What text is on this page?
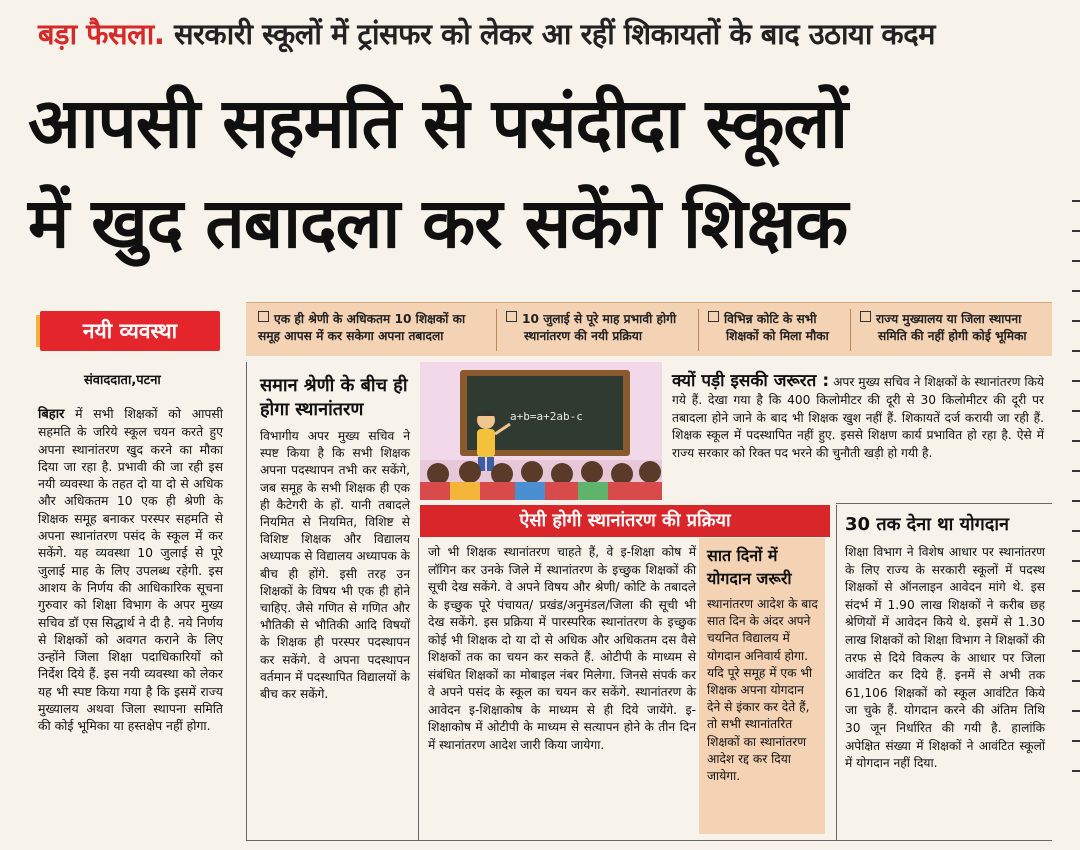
बड़ा फैसला. सरकारी स्कूलों में ट्रांसफर को लेकर आ रहीं शिकायतों के बाद उठाया कदम
आपसी सहमति से पसंदीदा स्कूलों
में खुद तबादला कर सकेंगे शिक्षक
नयी व्यवस्था
संवाददाता,पटना
बिहार में सभी शिक्षकों को आपसी सहमति के जरिये स्कूल चयन करते हुए अपना स्थानांतरण खुद करने का मौका दिया जा रहा है. प्रभावी की जा रही इस नयी व्यवस्था के तहत दो या दो से अधिक और अधिकतम 10 एक ही श्रेणी के शिक्षक समूह बनाकर परस्पर सहमति से अपना स्थानांतरण पसंद के स्कूल में कर सकेंगे. यह व्यवस्था 10 जुलाई से पूरे जुलाई माह के लिए उपलब्ध रहेगी. इस आशय के निर्णय की आधिकारिक सूचना गुरुवार को शिक्षा विभाग के अपर मुख्य सचिव डॉ एस सिद्धार्थ ने दी है. नये निर्णय से शिक्षकों को अवगत कराने के लिए उन्होंने जिला शिक्षा पदाधिकारियों को निर्देश दिये हैं. इस नयी व्यवस्था को लेकर यह भी स्पष्ट किया गया है कि इसमें राज्य मुख्यालय अथवा जिला स्थापना समिति की कोई भूमिका या हस्तक्षेप नहीं होगा.
एक ही श्रेणी के अधिकतम 10 शिक्षकों का
समूह आपस में कर सकेगा अपना तबादला
10 जुलाई से पूरे माह प्रभावी होगी
स्थानांतरण की नयी प्रक्रिया
विभिन्न कोटि के सभी
शिक्षकों को मिला मौका
राज्य मुख्यालय या जिला स्थापना
समिति की नहीं होगी कोई भूमिका
समान श्रेणी के बीच ही होगा स्थानांतरण
विभागीय अपर मुख्य सचिव ने स्पष्ट किया है कि सभी शिक्षक अपना पदस्थापन तभी कर सकेंगे, जब समूह के सभी शिक्षक ही एक ही कैटेगरी के हों. यानी तबादले नियमित से नियमित, विशिष्ट से विशिष्ट शिक्षक और विद्यालय अध्यापक से विद्यालय अध्यापक के बीच ही होंगे. इसी तरह उन शिक्षकों के विषय भी एक ही होने चाहिए. जैसे गणित से गणित और भौतिकी से भौतिकी आदि विषयों के शिक्षक ही परस्पर पदस्थापन कर सकेंगे. वे अपना पदस्थापन वर्तमान में पदस्थापित विद्यालयों के बीच कर सकेंगे.
a+b=a+2ab-c
क्यों पड़ी इसकी जरूरत : अपर मुख्य सचिव ने शिक्षकों के स्थानांतरण किये गये हैं. देखा गया है कि 400 किलोमीटर की दूरी से 30 किलोमीटर की दूरी पर तबादला होने जाने के बाद भी शिक्षक खुश नहीं हैं. शिकायतें दर्ज करायी जा रही हैं. शिक्षक स्कूल में पदस्थापित नहीं हुए. इससे शिक्षण कार्य प्रभावित हो रहा है. ऐसे में राज्य सरकार को रिक्त पद भरने की चुनौती खड़ी हो गयी है.
ऐसी होगी स्थानांतरण की प्रक्रिया
जो भी शिक्षक स्थानांतरण चाहते हैं, वे इ-शिक्षा कोष में लॉगिन कर उनके जिले में स्थानांतरण के इच्छुक शिक्षकों की सूची देख सकेंगे. वे अपने विषय और श्रेणी/ कोटि के तबादले के इच्छुक पूरे पंचायत/ प्रखंड/अनुमंडल/जिला की सूची भी देख सकेंगे. इस प्रक्रिया में पारस्परिक स्थानांतरण के इच्छुक कोई भी शिक्षक दो या दो से अधिक और अधिकतम दस वैसे शिक्षकों तक का चयन कर सकते हैं. ओटीपी के माध्यम से संबंधित शिक्षकों का मोबाइल नंबर मिलेगा. जिनसे संपर्क कर वे अपने पसंद के स्कूल का चयन कर सकेंगे. स्थानांतरण के आवेदन इ-शिक्षाकोष के माध्यम से ही दिये जायेंगे. इ-शिक्षाकोष में ओटीपी के माध्यम से सत्यापन होने के तीन दिन में स्थानांतरण आदेश जारी किया जायेगा.
सात दिनों में योगदान जरूरी
स्थानांतरण आदेश के बाद सात दिन के अंदर अपने चयनित विद्यालय में योगदान अनिवार्य होगा. यदि पूरे समूह में एक भी शिक्षक अपना योगदान देने से इंकार कर देते हैं, तो सभी स्थानांतरित शिक्षकों का स्थानांतरण आदेश रद्द कर दिया जायेगा.
30 तक देना था योगदान
शिक्षा विभाग ने विशेष आधार पर स्थानांतरण के लिए राज्य के सरकारी स्कूलों में पदस्थ शिक्षकों से ऑनलाइन आवेदन मांगे थे. इस संदर्भ में 1.90 लाख शिक्षकों ने करीब छह श्रेणियों में आवेदन किये थे. इसमें से 1.30 लाख शिक्षकों को शिक्षा विभाग ने शिक्षकों की तरफ से दिये विकल्प के आधार पर जिला आवंटित कर दिये हैं. इनमें से अभी तक 61,106 शिक्षकों को स्कूल आवंटित किये जा चुके हैं. योगदान करने की अंतिम तिथि 30 जून निर्धारित की गयी है. हालांकि अपेक्षित संख्या में शिक्षकों ने आवंटित स्कूलों में योगदान नहीं दिया.
